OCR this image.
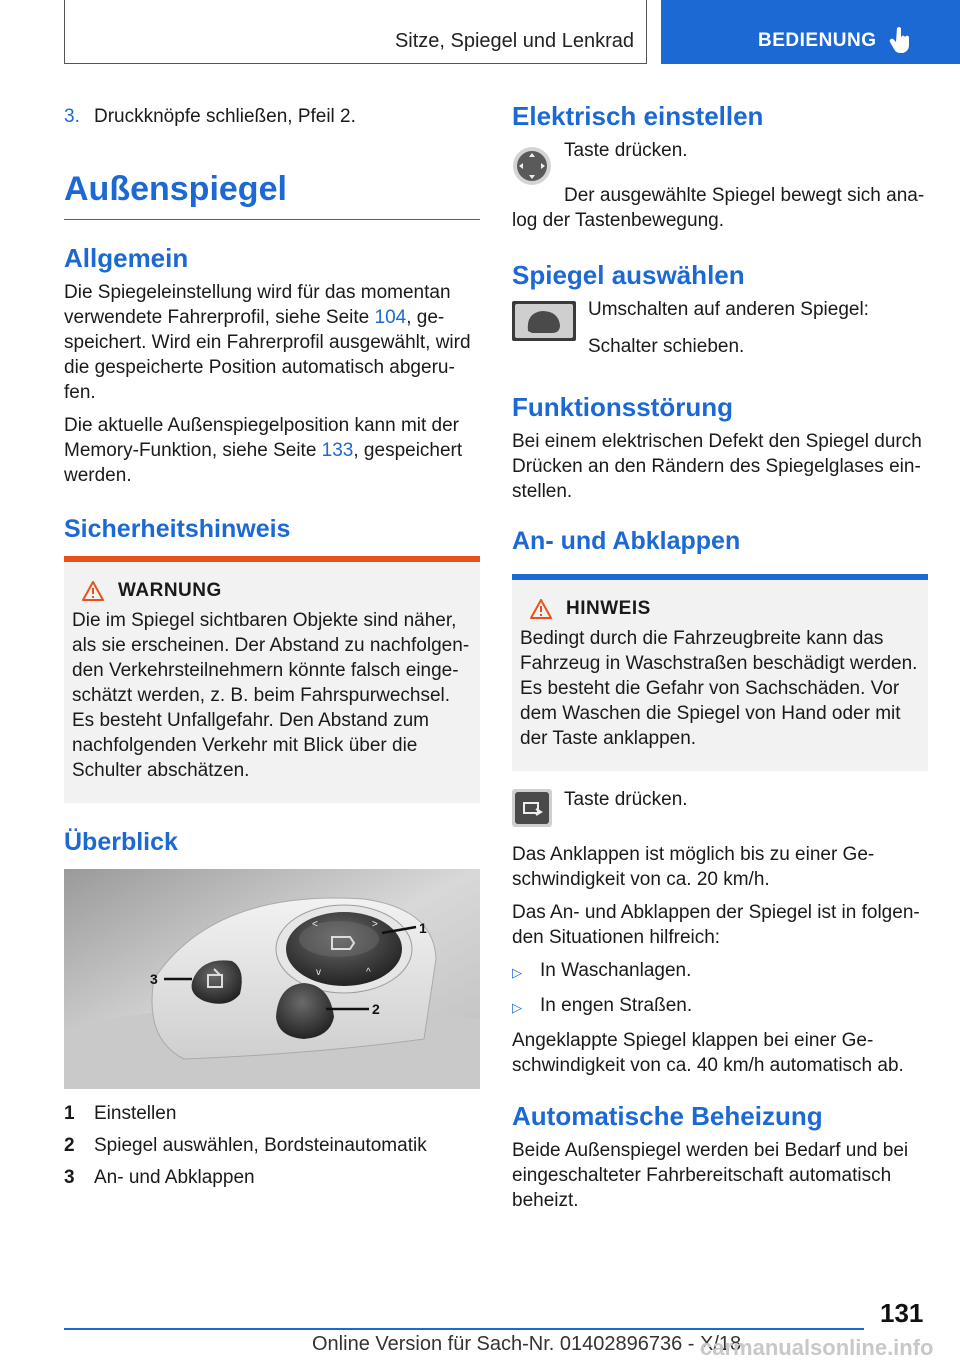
Sitze, Spiegel und Lenkrad	BEDIENUNG
3. Druckknöpfe schließen, Pfeil 2.
Außenspiegel
Allgemein

Die Spiegeleinstellung wird für das momentan verwendete Fahrerprofil, siehe Seite 104, gespeichert. Wird ein Fahrerprofil ausgewählt, wird die gespeicherte Position automatisch abgerufen.

Die aktuelle Außenspiegelposition kann mit der Memory-Funktion, siehe Seite 133, gespeichert werden.

Sicherheitshinweis
WARNUNG

Die im Spiegel sichtbaren Objekte sind näher, als sie erscheinen. Der Abstand zu nachfolgenden Verkehrsteilnehmern könnte falsch eingeschätzt werden, z. B. beim Fahrspurwechsel. Es besteht Unfallgefahr. Den Abstand zum nachfolgenden Verkehr mit Blick über die Schulter abschätzen.

Überblick
<	>
v	^
1
2
3
1	Einstellen
2	Spiegel auswählen, Bordsteinautomatik
3	An- und Abklappen
Elektrisch einstellen

Taste drücken.

Der ausgewählte Spiegel bewegt sich analog der Tastenbewegung.

Spiegel auswählen

Umschalten auf anderen Spiegel:

Schalter schieben.

Funktionsstörung

Bei einem elektrischen Defekt den Spiegel durch Drücken an den Rändern des Spiegelglases einstellen.

An- und Abklappen
HINWEIS

Bedingt durch die Fahrzeugbreite kann das Fahrzeug in Waschstraßen beschädigt werden. Es besteht die Gefahr von Sachschäden. Vor dem Waschen die Spiegel von Hand oder mit der Taste anklappen.

Taste drücken.

Das Anklappen ist möglich bis zu einer Geschwindigkeit von ca. 20 km/h.

Das An- und Abklappen der Spiegel ist in folgenden Situationen hilfreich:

▷ In Waschanlagen.
▷ In engen Straßen.

Angeklappte Spiegel klappen bei einer Geschwindigkeit von ca. 40 km/h automatisch ab.

Automatische Beheizung

Beide Außenspiegel werden bei Bedarf und bei eingeschalteter Fahrbereitschaft automatisch beheizt.

131
Online Version für Sach-Nr. 01402896736 - X/18
carmanualsonline.info
